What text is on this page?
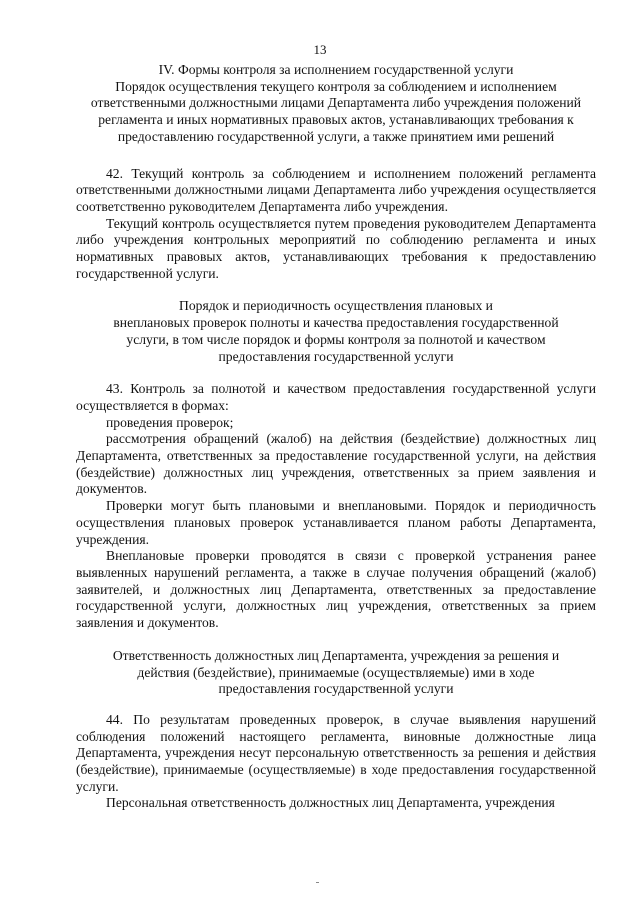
13
IV. Формы контроля за исполнением государственной услуги
Порядок осуществления текущего контроля за соблюдением и исполнением ответственными должностными лицами Департамента либо учреждения положений регламента и иных нормативных правовых актов, устанавливающих требования к предоставлению государственной услуги, а также принятием ими решений

42. Текущий контроль за соблюдением и исполнением положений регламента ответственными должностными лицами Департамента либо учреждения осуществляется соответственно руководителем Департамента либо учреждения.

Текущий контроль осуществляется путем проведения руководителем Департамента либо учреждения контрольных мероприятий по соблюдению регламента и иных нормативных правовых актов, устанавливающих требования к предоставлению государственной услуги.

Порядок и периодичность осуществления плановых и
внеплановых проверок полноты и качества предоставления государственной
услуги, в том числе порядок и формы контроля за полнотой и качеством
предоставления государственной услуги

43. Контроль за полнотой и качеством предоставления государственной услуги осуществляется в формах:

проведения проверок;

рассмотрения обращений (жалоб) на действия (бездействие) должностных лиц Департамента, ответственных за предоставление государственной услуги, на действия (бездействие) должностных лиц учреждения, ответственных за прием заявления и документов.

Проверки могут быть плановыми и внеплановыми. Порядок и периодичность осуществления плановых проверок устанавливается планом работы Департамента, учреждения.

Внеплановые проверки проводятся в связи с проверкой устранения ранее выявленных нарушений регламента, а также в случае получения обращений (жалоб) заявителей, и должностных лиц Департамента, ответственных за предоставление государственной услуги, должностных лиц учреждения, ответственных за прием заявления и документов.

Ответственность должностных лиц Департамента, учреждения за решения и
действия (бездействие), принимаемые (осуществляемые) ими в ходе
предоставления государственной услуги

44. По результатам проведенных проверок, в случае выявления нарушений соблюдения положений настоящего регламента, виновные должностные лица Департамента, учреждения несут персональную ответственность за решения и действия (бездействие), принимаемые (осуществляемые) в ходе предоставления государственной услуги.

Персональная ответственность должностных лиц Департамента, учреждения
